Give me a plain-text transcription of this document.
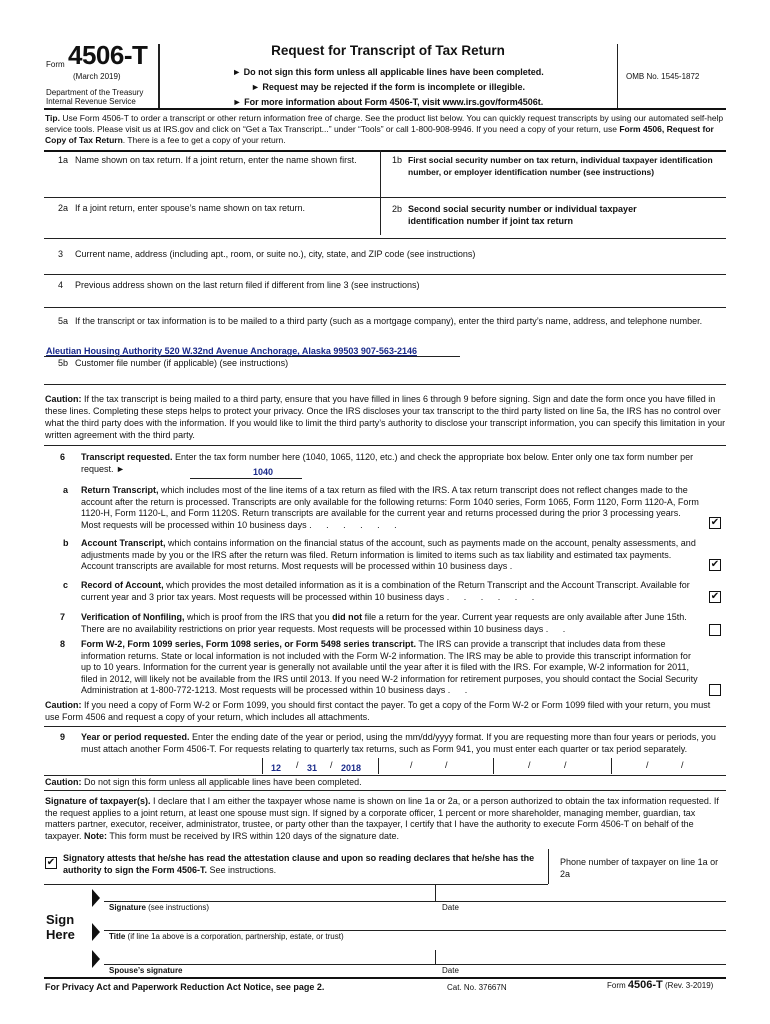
Form 4506-T
(March 2019)
Department of the Treasury
Internal Revenue Service
Request for Transcript of Tax Return
► Do not sign this form unless all applicable lines have been completed.
► Request may be rejected if the form is incomplete or illegible.
► For more information about Form 4506-T, visit www.irs.gov/form4506t.
OMB No. 1545-1872
Tip. Use Form 4506-T to order a transcript or other return information free of charge. See the product list below. You can quickly request transcripts by using our automated self-help service tools. Please visit us at IRS.gov and click on “Get a Tax Transcript...” under “Tools” or call 1-800-908-9946. If you need a copy of your return, use Form 4506, Request for Copy of Tax Return. There is a fee to get a copy of your return.
1a Name shown on tax return. If a joint return, enter the name shown first.	1b First social security number on tax return, individual taxpayer identification number, or employer identification number (see instructions)
2a If a joint return, enter spouse’s name shown on tax return.	2b Second social security number or individual taxpayer identification number if joint tax return
3 Current name, address (including apt., room, or suite no.), city, state, and ZIP code (see instructions)
4 Previous address shown on the last return filed if different from line 3 (see instructions)
5a If the transcript or tax information is to be mailed to a third party (such as a mortgage company), enter the third party’s name, address, and telephone number.
Aleutian Housing Authority 520 W.32nd Avenue Anchorage, Alaska 99503 907-563-2146
5b Customer file number (if applicable) (see instructions)
Caution: If the tax transcript is being mailed to a third party, ensure that you have filled in lines 6 through 9 before signing. Sign and date the form once you have filled in these lines. Completing these steps helps to protect your privacy. Once the IRS discloses your tax transcript to the third party listed on line 5a, the IRS has no control over what the third party does with the information. If you would like to limit the third party’s authority to disclose your transcript information, you can specify this limitation in your written agreement with the third party.
6 Transcript requested. Enter the tax form number here (1040, 1065, 1120, etc.) and check the appropriate box below. Enter only one tax form number per request. ►	1040
a Return Transcript, which includes most of the line items of a tax return as filed with the IRS. A tax return transcript does not reflect changes made to the account after the return is processed. Transcripts are only available for the following returns: Form 1040 series, Form 1065, Form 1120, Form 1120-A, Form 1120-H, Form 1120-L, and Form 1120S. Return transcripts are available for the current year and returns processed during the prior 3 processing years. Most requests will be processed within 10 business days . . . . . .	✔
b Account Transcript, which contains information on the financial status of the account, such as payments made on the account, penalty assessments, and adjustments made by you or the IRS after the return was filed. Return information is limited to items such as tax liability and estimated tax payments. Account transcripts are available for most returns. Most requests will be processed within 10 business days .	✔
c Record of Account, which provides the most detailed information as it is a combination of the Return Transcript and the Account Transcript. Available for current year and 3 prior tax years. Most requests will be processed within 10 business days . . . . . .	✔
7 Verification of Nonfiling, which is proof from the IRS that you did not file a return for the year. Current year requests are only available after June 15th. There are no availability restrictions on prior year requests. Most requests will be processed within 10 business days . .
8 Form W-2, Form 1099 series, Form 1098 series, or Form 5498 series transcript. The IRS can provide a transcript that includes data from these information returns. State or local information is not included with the Form W-2 information. The IRS may be able to provide this transcript information for up to 10 years. Information for the current year is generally not available until the year after it is filed with the IRS. For example, W-2 information for 2011, filed in 2012, will likely not be available from the IRS until 2013. If you need W-2 information for retirement purposes, you should contact the Social Security Administration at 1-800-772-1213. Most requests will be processed within 10 business days . .
Caution: If you need a copy of Form W-2 or Form 1099, you should first contact the payer. To get a copy of the Form W-2 or Form 1099 filed with your return, you must use Form 4506 and request a copy of your return, which includes all attachments.
9 Year or period requested. Enter the ending date of the year or period, using the mm/dd/yyyy format. If you are requesting more than four years or periods, you must attach another Form 4506-T. For requests relating to quarterly tax returns, such as Form 941, you must enter each quarter or tax period separately.
12 / 31 / 2018	/	/	/	/	/	/
Caution: Do not sign this form unless all applicable lines have been completed.
Signature of taxpayer(s). I declare that I am either the taxpayer whose name is shown on line 1a or 2a, or a person authorized to obtain the tax information requested. If the request applies to a joint return, at least one spouse must sign. If signed by a corporate officer, 1 percent or more shareholder, managing member, guardian, tax matters partner, executor, receiver, administrator, trustee, or party other than the taxpayer, I certify that I have the authority to execute Form 4506-T on behalf of the taxpayer. Note: This form must be received by IRS within 120 days of the signature date.
✔ Signatory attests that he/she has read the attestation clause and upon so reading declares that he/she has the authority to sign the Form 4506-T. See instructions.
Phone number of taxpayer on line 1a or 2a
Sign
Here
Signature (see instructions)	Date
Title (if line 1a above is a corporation, partnership, estate, or trust)
Spouse’s signature	Date
For Privacy Act and Paperwork Reduction Act Notice, see page 2.	Cat. No. 37667N	Form 4506-T (Rev. 3-2019)
